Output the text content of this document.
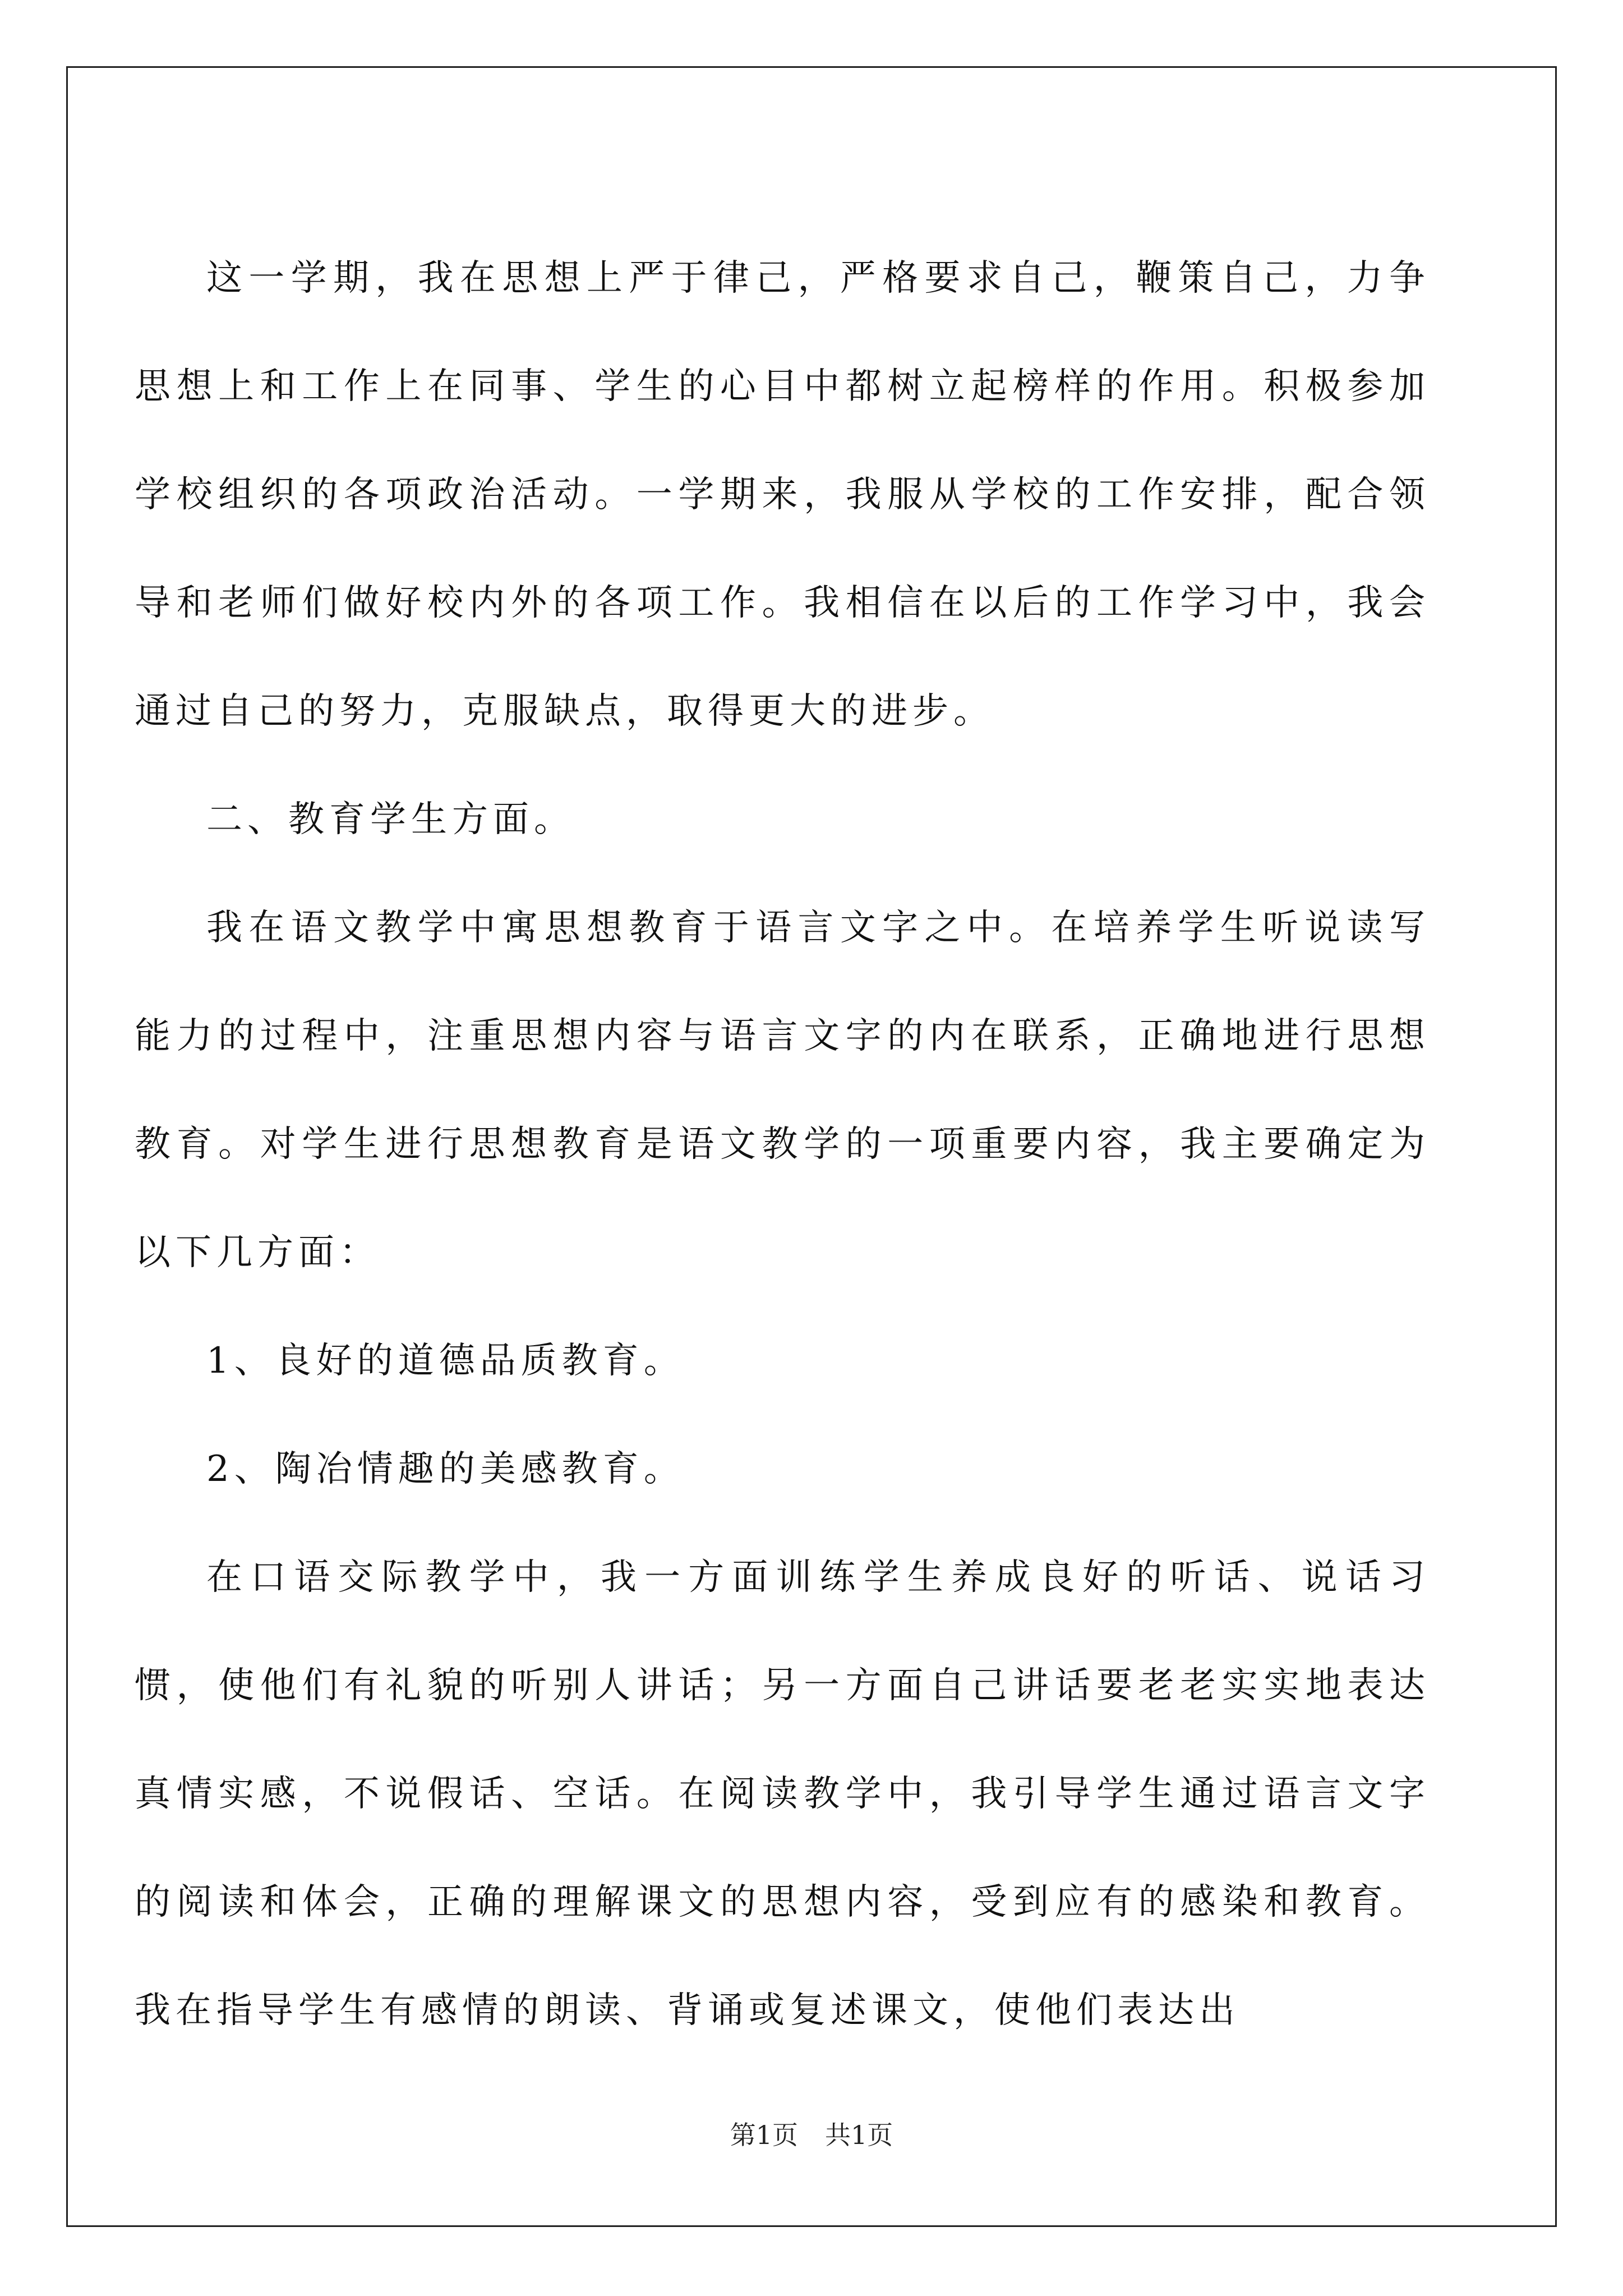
这一学期，我在思想上严于律己，严格要求自己，鞭策自己，力争思想上和工作上在同事、学生的心目中都树立起榜样的作用。积极参加学校组织的各项政治活动。一学期来，我服从学校的工作安排，配合领导和老师们做好校内外的各项工作。我相信在以后的工作学习中，我会通过自己的努力，克服缺点，取得更大的进步。

二、教育学生方面。

我在语文教学中寓思想教育于语言文字之中。在培养学生听说读写能力的过程中，注重思想内容与语言文字的内在联系，正确地进行思想教育。对学生进行思想教育是语文教学的一项重要内容，我主要确定为以下几方面：

1、良好的道德品质教育。

2、陶冶情趣的美感教育。

在口语交际教学中，我一方面训练学生养成良好的听话、说话习惯，使他们有礼貌的听别人讲话；另一方面自己讲话要老老实实地表达真情实感，不说假话、空话。在阅读教学中，我引导学生通过语言文字的阅读和体会，正确的理解课文的思想内容，受到应有的感染和教育。我在指导学生有感情的朗读、背诵或复述课文，使他们表达出

第1页 共1页
